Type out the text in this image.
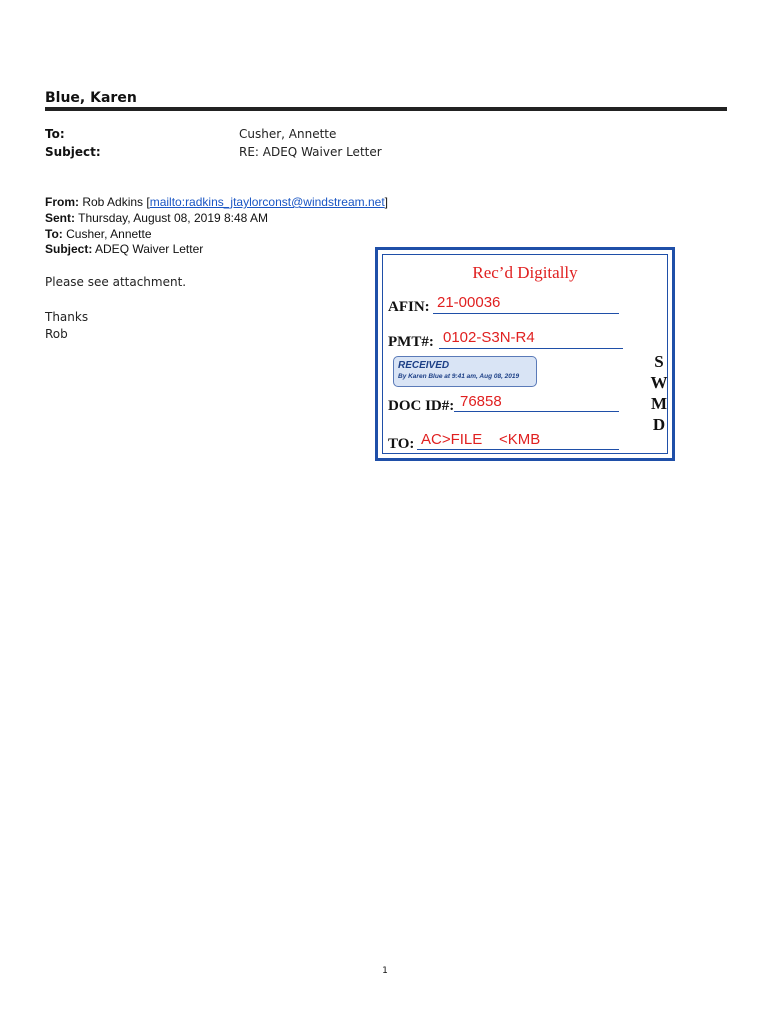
Blue, Karen
To:	Cusher, Annette
Subject:	RE: ADEQ Waiver Letter
From: Rob Adkins [mailto:radkins_jtaylorconst@windstream.net]
Sent: Thursday, August 08, 2019 8:48 AM
To: Cusher, Annette
Subject: ADEQ Waiver Letter
Please see attachment.
Thanks
Rob
Rec’d Digitally
AFIN: 21-00036
PMT#: 0102-S3N-R4
RECEIVED
By Karen Blue at 9:41 am, Aug 08, 2019
DOC ID#: 76858
TO: AC>FILE    <KMB
S
W
M
D
1
